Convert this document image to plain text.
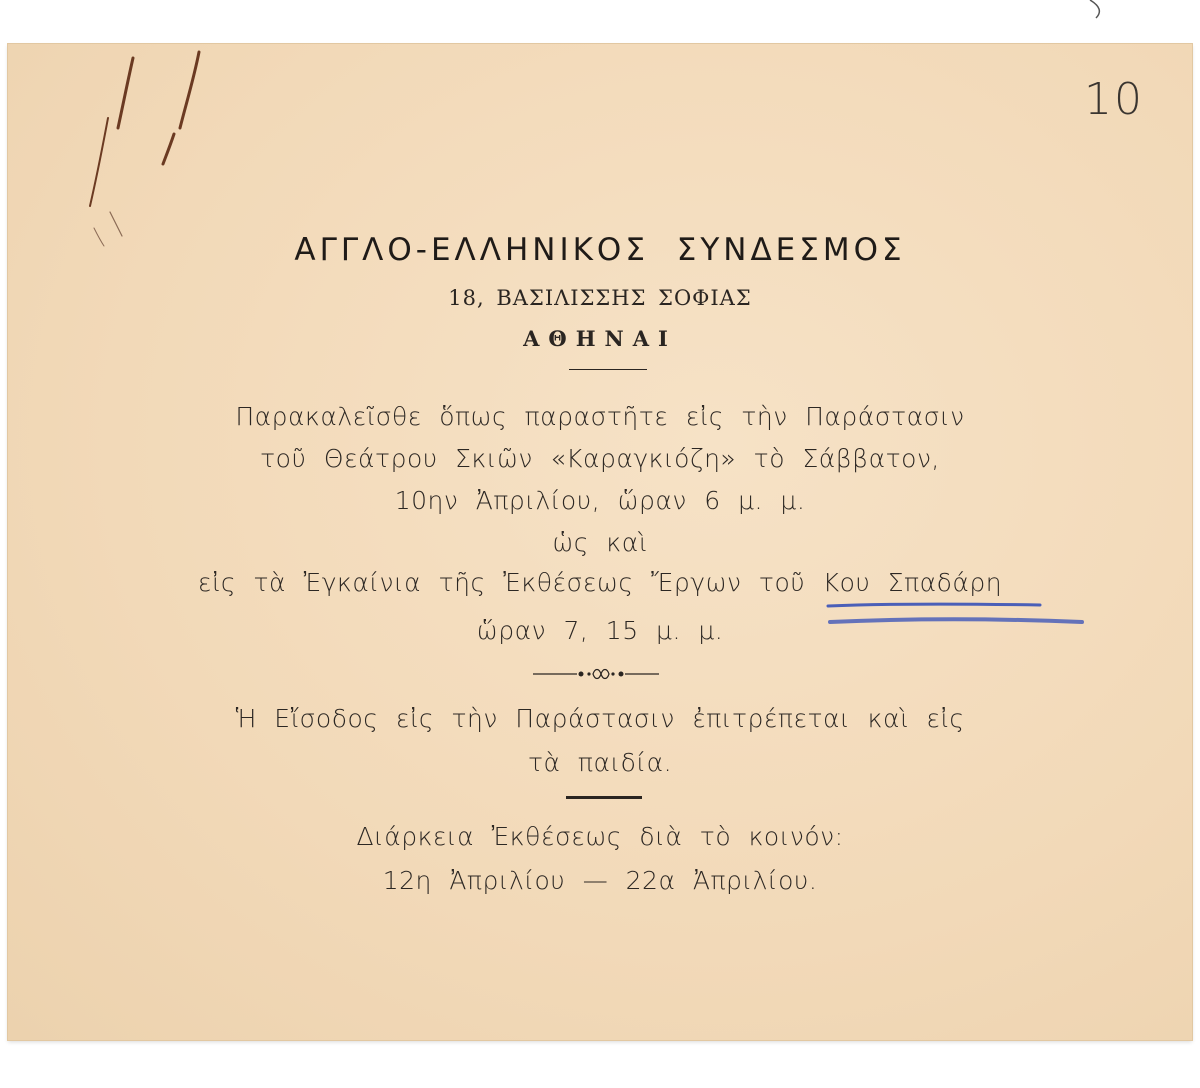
10
ΑΓΓΛΟ-ΕΛΛΗΝΙΚΟΣ ΣΥΝΔΕΣΜΟΣ
18, ΒΑΣΙΛΙΣΣΗΣ ΣΟΦΙΑΣ
ΑΘΗΝΑΙ
Παρακαλεῖσθε ὅπως παραστῆτε εἰς τὴν Παράστασιν
τοῦ Θεάτρου Σκιῶν «Καραγκιόζη» τὸ Σάββατον,
10ην Ἀπριλίου, ὥραν 6 μ. μ.
ὡς καὶ
εἰς τὰ Ἐγκαίνια τῆς Ἐκθέσεως Ἔργων τοῦ Κου Σπαδάρη
ὥραν 7, 15 μ. μ.
Ἡ Εἴσοδος εἰς τὴν Παράστασιν ἐπιτρέπεται καὶ εἰς
τὰ παιδία.
Διάρκεια Ἐκθέσεως διὰ τὸ κοινόν:
12η Ἀπριλίου — 22α Ἀπριλίου.
